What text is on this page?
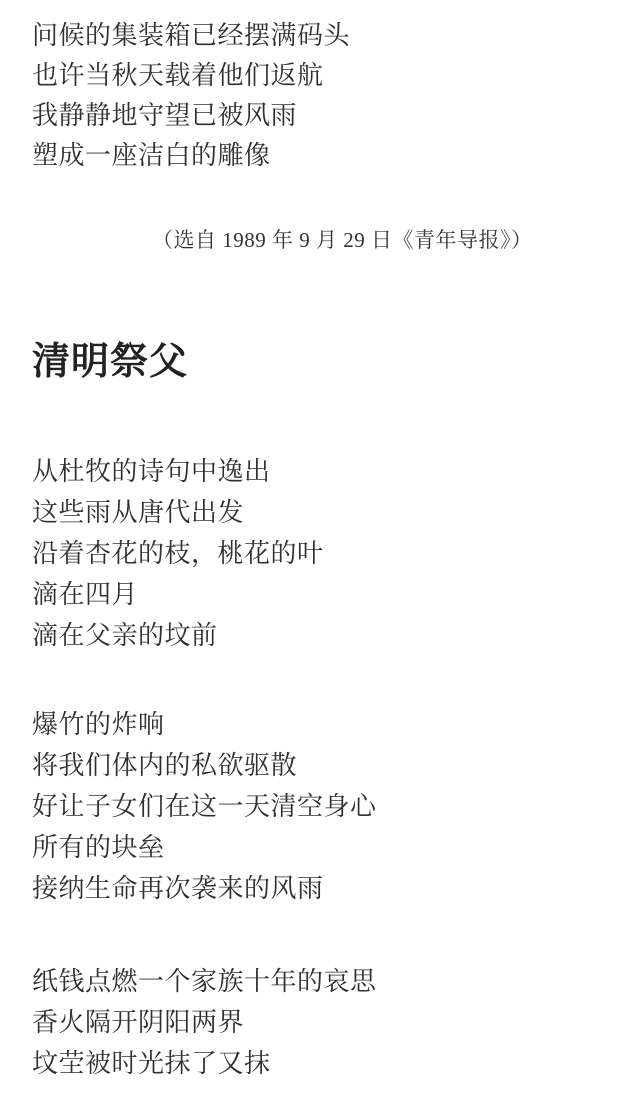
问候的集装箱已经摆满码头
也许当秋天载着他们返航
我静静地守望已被风雨
塑成一座洁白的雕像
（选自 1989 年 9 月 29 日《青年导报》）
清明祭父
从杜牧的诗句中逸出
这些雨从唐代出发
沿着杏花的枝，桃花的叶
滴在四月
滴在父亲的坟前
爆竹的炸响
将我们体内的私欲驱散
好让子女们在这一天清空身心
所有的块垒
接纳生命再次袭来的风雨
纸钱点燃一个家族十年的哀思
香火隔开阴阳两界
坟茔被时光抹了又抹
